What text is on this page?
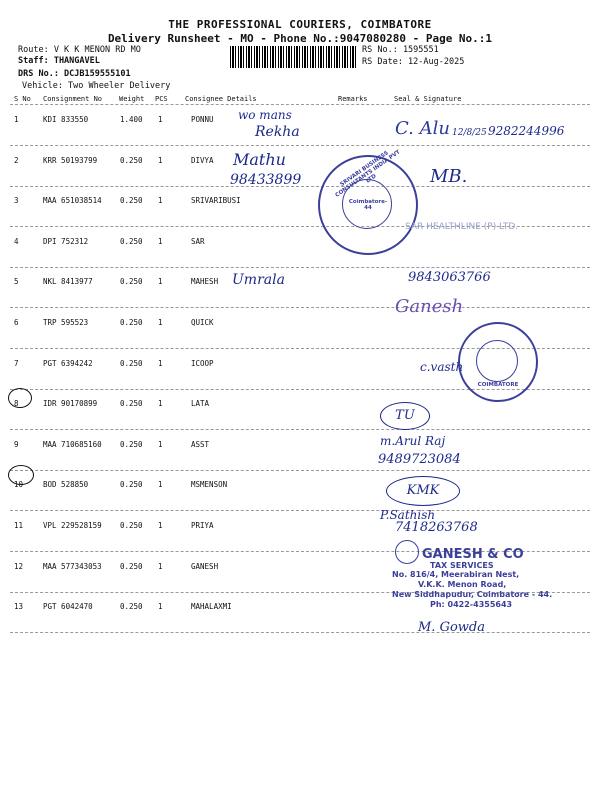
THE PROFESSIONAL COURIERS, COIMBATORE
Delivery Runsheet - MO - Phone No.:9047080280 - Page No.:1
Route: V K K MENON RD MO
Staff: THANGAVEL
DRS No.: DCJB159555101
Vehicle: Two Wheeler Delivery
RS No.: 1595551
RS Date: 12-Aug-2025
S No Consignment No Weight PCS Consignee Details	Remarks	Seal & Signature
1	KDI 833550	1.400 1	PONNU
2	KRR 50193799	0.250 1	DIVYA
3	MAA 651038514 0.250 1	SRIVARIBUSI
4	DPI 752312	0.250 1	SAR
5	NKL 8413977	0.250 1	MAHESH
6	TRP 595523	0.250 1	QUICK
7	PGT 6394242	0.250 1	ICOOP
8	IDR 90170899	0.250 1	LATA
9	MAA 710685160 0.250 1	ASST
10	BOD 528850	0.250 1	MSMENSON
11	VPL 229528159 0.250 1	PRIYA
12	MAA 577343053 0.250 1	GANESH
13	PGT 6042470	0.250 1	MAHALAXMI
wo mans
Rekha	C. Alu 12/8/25 9282244996
Mathu
98433899	MB.
Umrala	9843063766
Ganesh
c.vasth
TU
m.Arul Raj
9489723084
KMK
P.Sathish
7418263768
M. Gowda
SRIVARI BUSINESS CONSULTANTS INDIA PVT LTD
Coimbatore-44
SAR HEALTHLINE (P) LTD.
COIMBATORE
GANESH & CO
TAX SERVICES
No. 816/4, Meerabiran Nest,
V.K.K. Menon Road,
New Siddhapudur, Coimbatore - 44.
Ph: 0422-4355643
